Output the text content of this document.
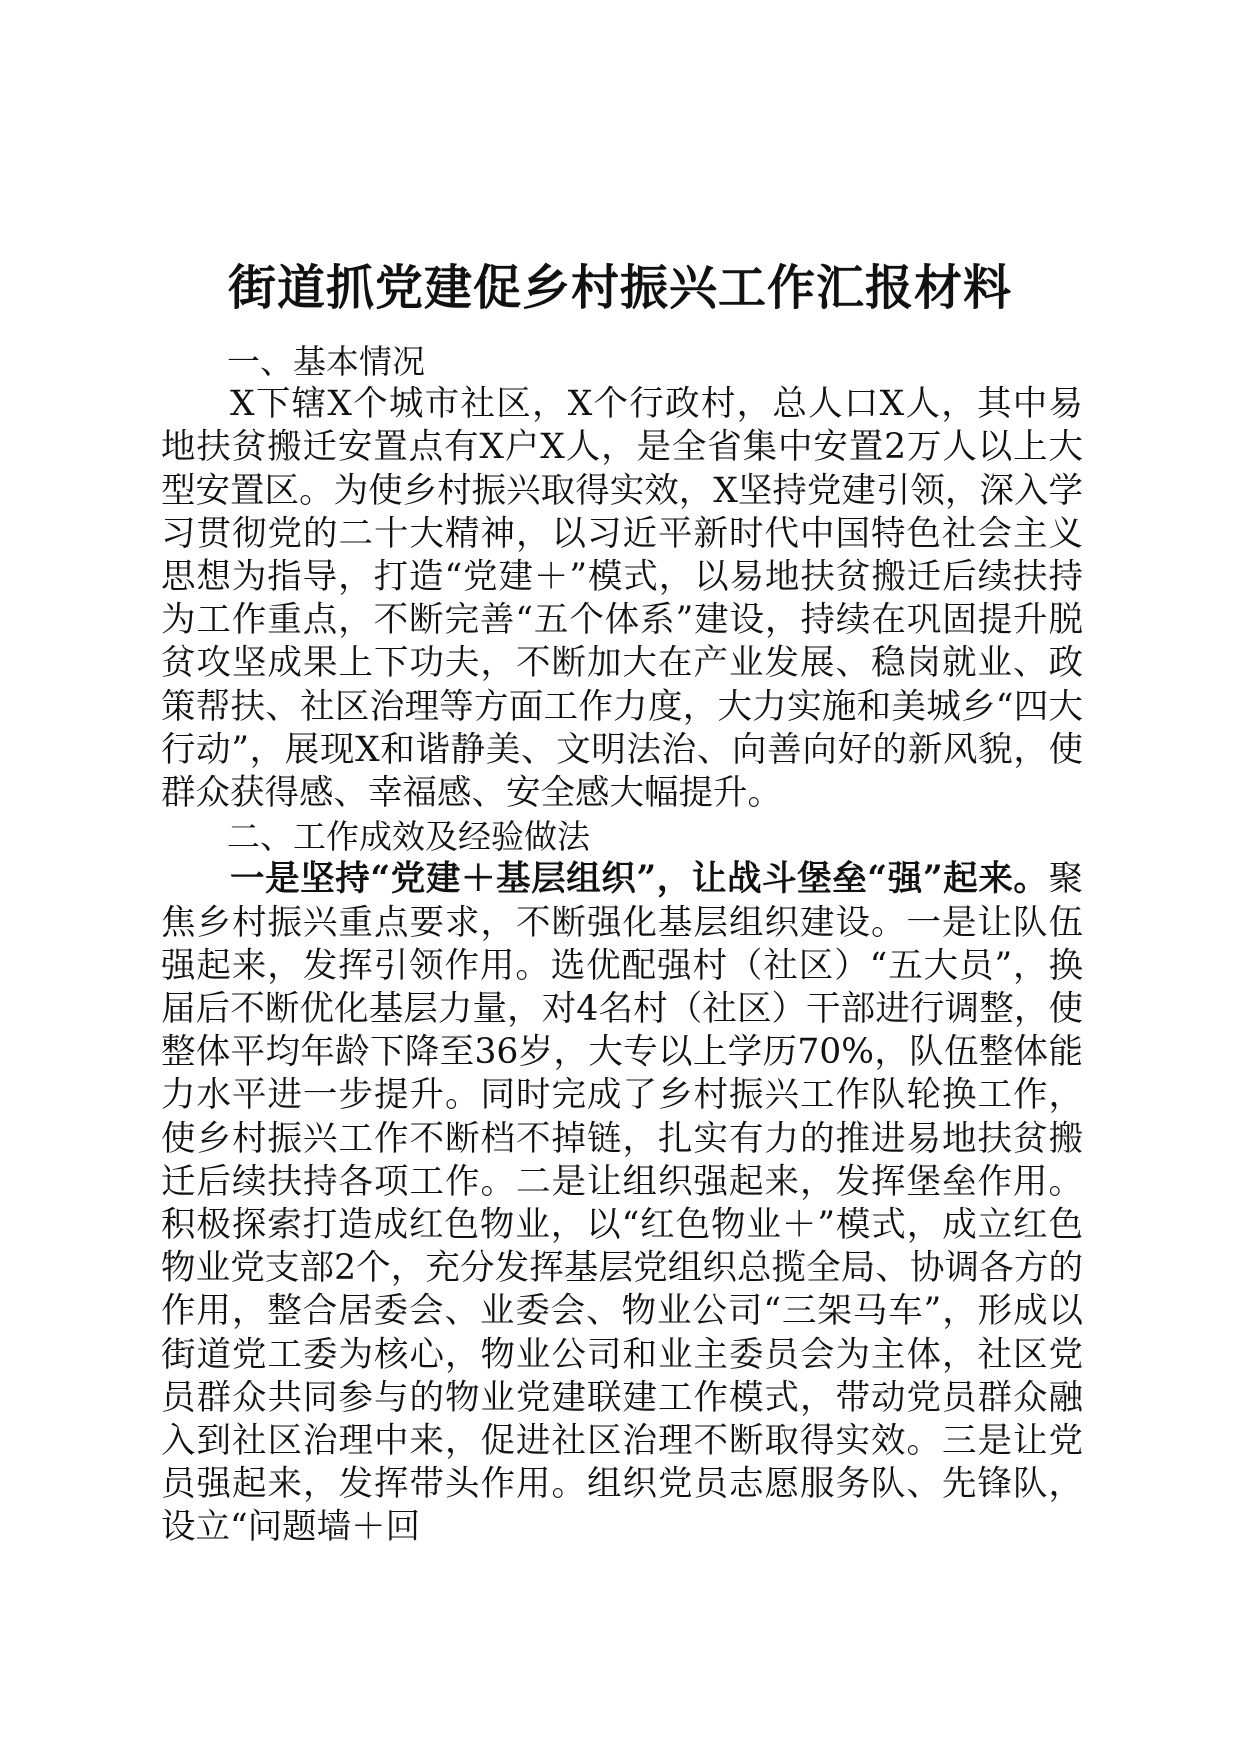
街道抓党建促乡村振兴工作汇报材料

一、基本情况

X下辖X个城市社区，X个行政村，总人口X人，其中易地扶贫搬迁安置点有X户X人，是全省集中安置2万人以上大型安置区。为使乡村振兴取得实效，X坚持党建引领，深入学习贯彻党的二十大精神，以习近平新时代中国特色社会主义思想为指导，打造“党建＋”模式，以易地扶贫搬迁后续扶持为工作重点，不断完善“五个体系”建设，持续在巩固提升脱贫攻坚成果上下功夫，不断加大在产业发展、稳岗就业、政策帮扶、社区治理等方面工作力度，大力实施和美城乡“四大行动”，展现X和谐静美、文明法治、向善向好的新风貌，使群众获得感、幸福感、安全感大幅提升。

二、工作成效及经验做法

一是坚持“党建＋基层组织”，让战斗堡垒“强”起来。聚焦乡村振兴重点要求，不断强化基层组织建设。一是让队伍强起来，发挥引领作用。选优配强村（社区）“五大员”，换届后不断优化基层力量，对4名村（社区）干部进行调整，使整体平均年龄下降至36岁，大专以上学历70%，队伍整体能力水平进一步提升。同时完成了乡村振兴工作队轮换工作，使乡村振兴工作不断档不掉链，扎实有力的推进易地扶贫搬迁后续扶持各项工作。二是让组织强起来，发挥堡垒作用。积极探索打造成红色物业，以“红色物业＋”模式，成立红色物业党支部2个，充分发挥基层党组织总揽全局、协调各方的作用，整合居委会、业委会、物业公司“三架马车”，形成以街道党工委为核心，物业公司和业主委员会为主体，社区党员群众共同参与的物业党建联建工作模式，带动党员群众融入到社区治理中来，促进社区治理不断取得实效。三是让党员强起来，发挥带头作用。组织党员志愿服务队、先锋队，设立“问题墙＋回
